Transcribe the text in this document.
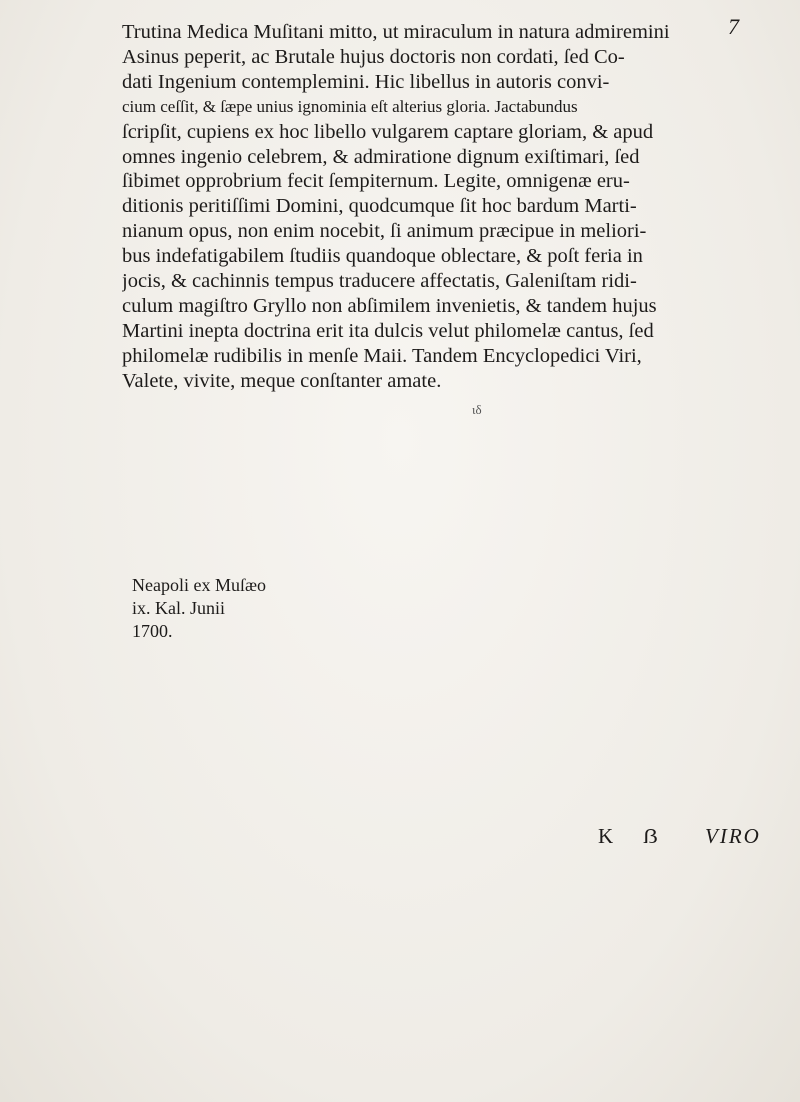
7
Trutina Medica Muſitani mitto, ut miraculum in natura admiremini
Asinus peperit, ac Brutale hujus doctoris non cordati, ſed Co-
dati Ingenium contemplemini. Hic libellus in autoris convi-
cium ceſſit, & ſæpe unius ignominia eſt alterius gloria. Jactabundus
ſcripſit, cupiens ex hoc libello vulgarem captare gloriam, & apud
omnes ingenio celebrem, & admiratione dignum exiſtimari, ſed
ſibimet opprobrium fecit ſempiternum. Legite, omnigenæ eru-
ditionis peritiſſimi Domini, quodcumque ſit hoc bardum Marti-
nianum opus, non enim nocebit, ſi animum præcipue in meliori-
bus indefatigabilem ſtudiis quandoque oblectare, & poſt feria in
jocis, & cachinnis tempus traducere affectatis, Galeniſtam ridi-
culum magiſtro Gryllo non abſimilem invenietis, & tandem hujus
Martini inepta doctrina erit ita dulcis velut philomelæ cantus, ſed
philomelæ rudibilis in menſe Maii. Tandem Encyclopedici Viri,
Valete, vivite, meque conſtanter amate.
ιδ
Neapoli ex Muſæo
ix. Kal. Junii
1700.
K ẞ VIRO
